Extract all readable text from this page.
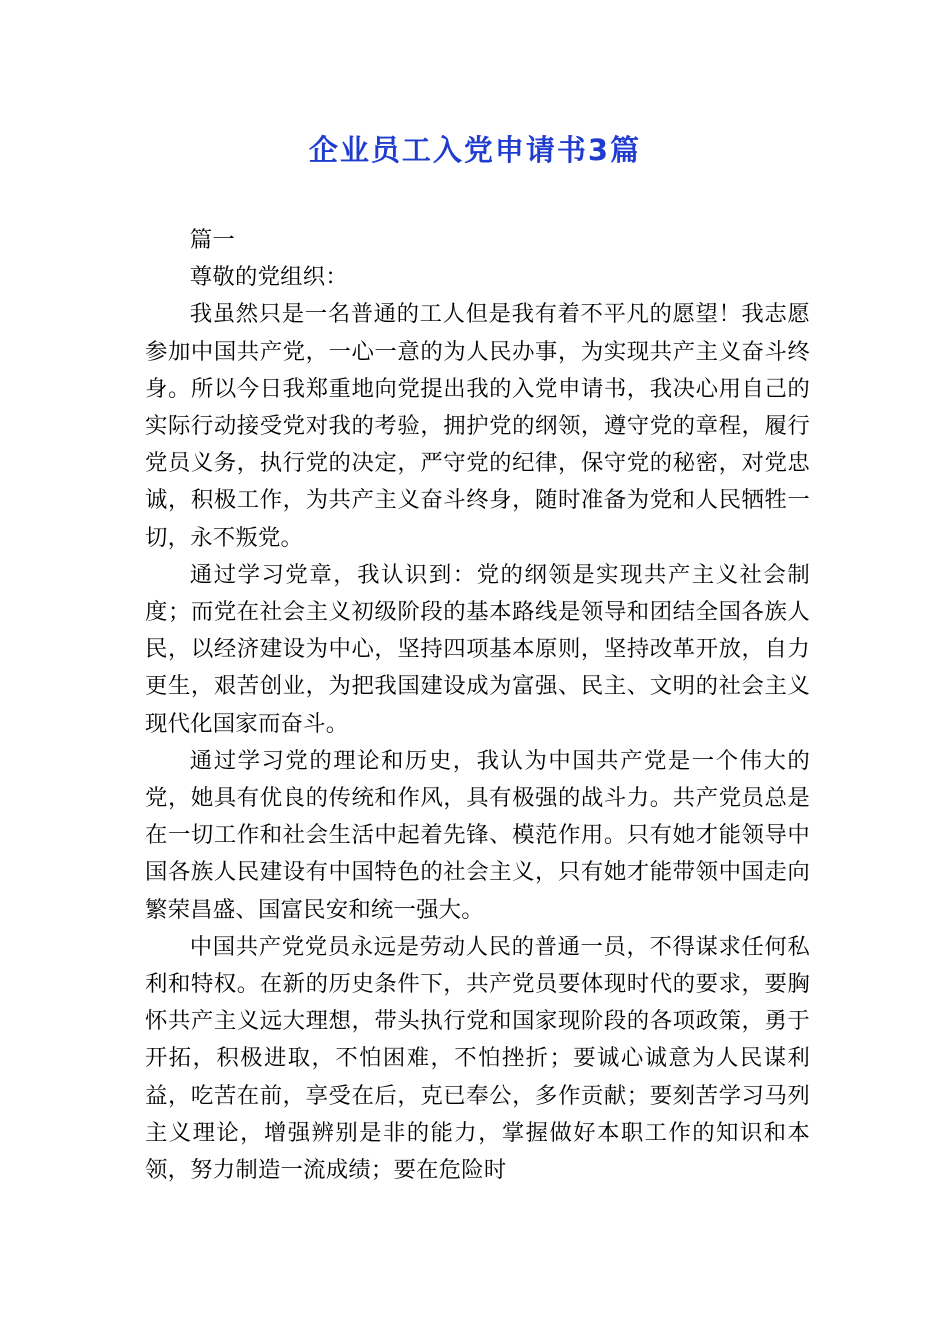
企业员工入党申请书3篇

篇一

尊敬的党组织：

我虽然只是一名普通的工人但是我有着不平凡的愿望！我志愿参加中国共产党，一心一意的为人民办事，为实现共产主义奋斗终身。所以今日我郑重地向党提出我的入党申请书，我决心用自己的实际行动接受党对我的考验，拥护党的纲领，遵守党的章程，履行党员义务，执行党的决定，严守党的纪律，保守党的秘密，对党忠诚，积极工作，为共产主义奋斗终身，随时准备为党和人民牺牲一切，永不叛党。

通过学习党章，我认识到：党的纲领是实现共产主义社会制度；而党在社会主义初级阶段的基本路线是领导和团结全国各族人民，以经济建设为中心，坚持四项基本原则，坚持改革开放，自力更生，艰苦创业，为把我国建设成为富强、民主、文明的社会主义现代化国家而奋斗。

通过学习党的理论和历史，我认为中国共产党是一个伟大的党，她具有优良的传统和作风，具有极强的战斗力。共产党员总是在一切工作和社会生活中起着先锋、模范作用。只有她才能领导中国各族人民建设有中国特色的社会主义，只有她才能带领中国走向繁荣昌盛、国富民安和统一强大。

中国共产党党员永远是劳动人民的普通一员，不得谋求任何私利和特权。在新的历史条件下，共产党员要体现时代的要求，要胸怀共产主义远大理想，带头执行党和国家现阶段的各项政策，勇于开拓，积极进取，不怕困难，不怕挫折；要诚心诚意为人民谋利益，吃苦在前，享受在后，克已奉公，多作贡献；要刻苦学习马列主义理论，增强辨别是非的能力，掌握做好本职工作的知识和本领，努力制造一流成绩；要在危险时
